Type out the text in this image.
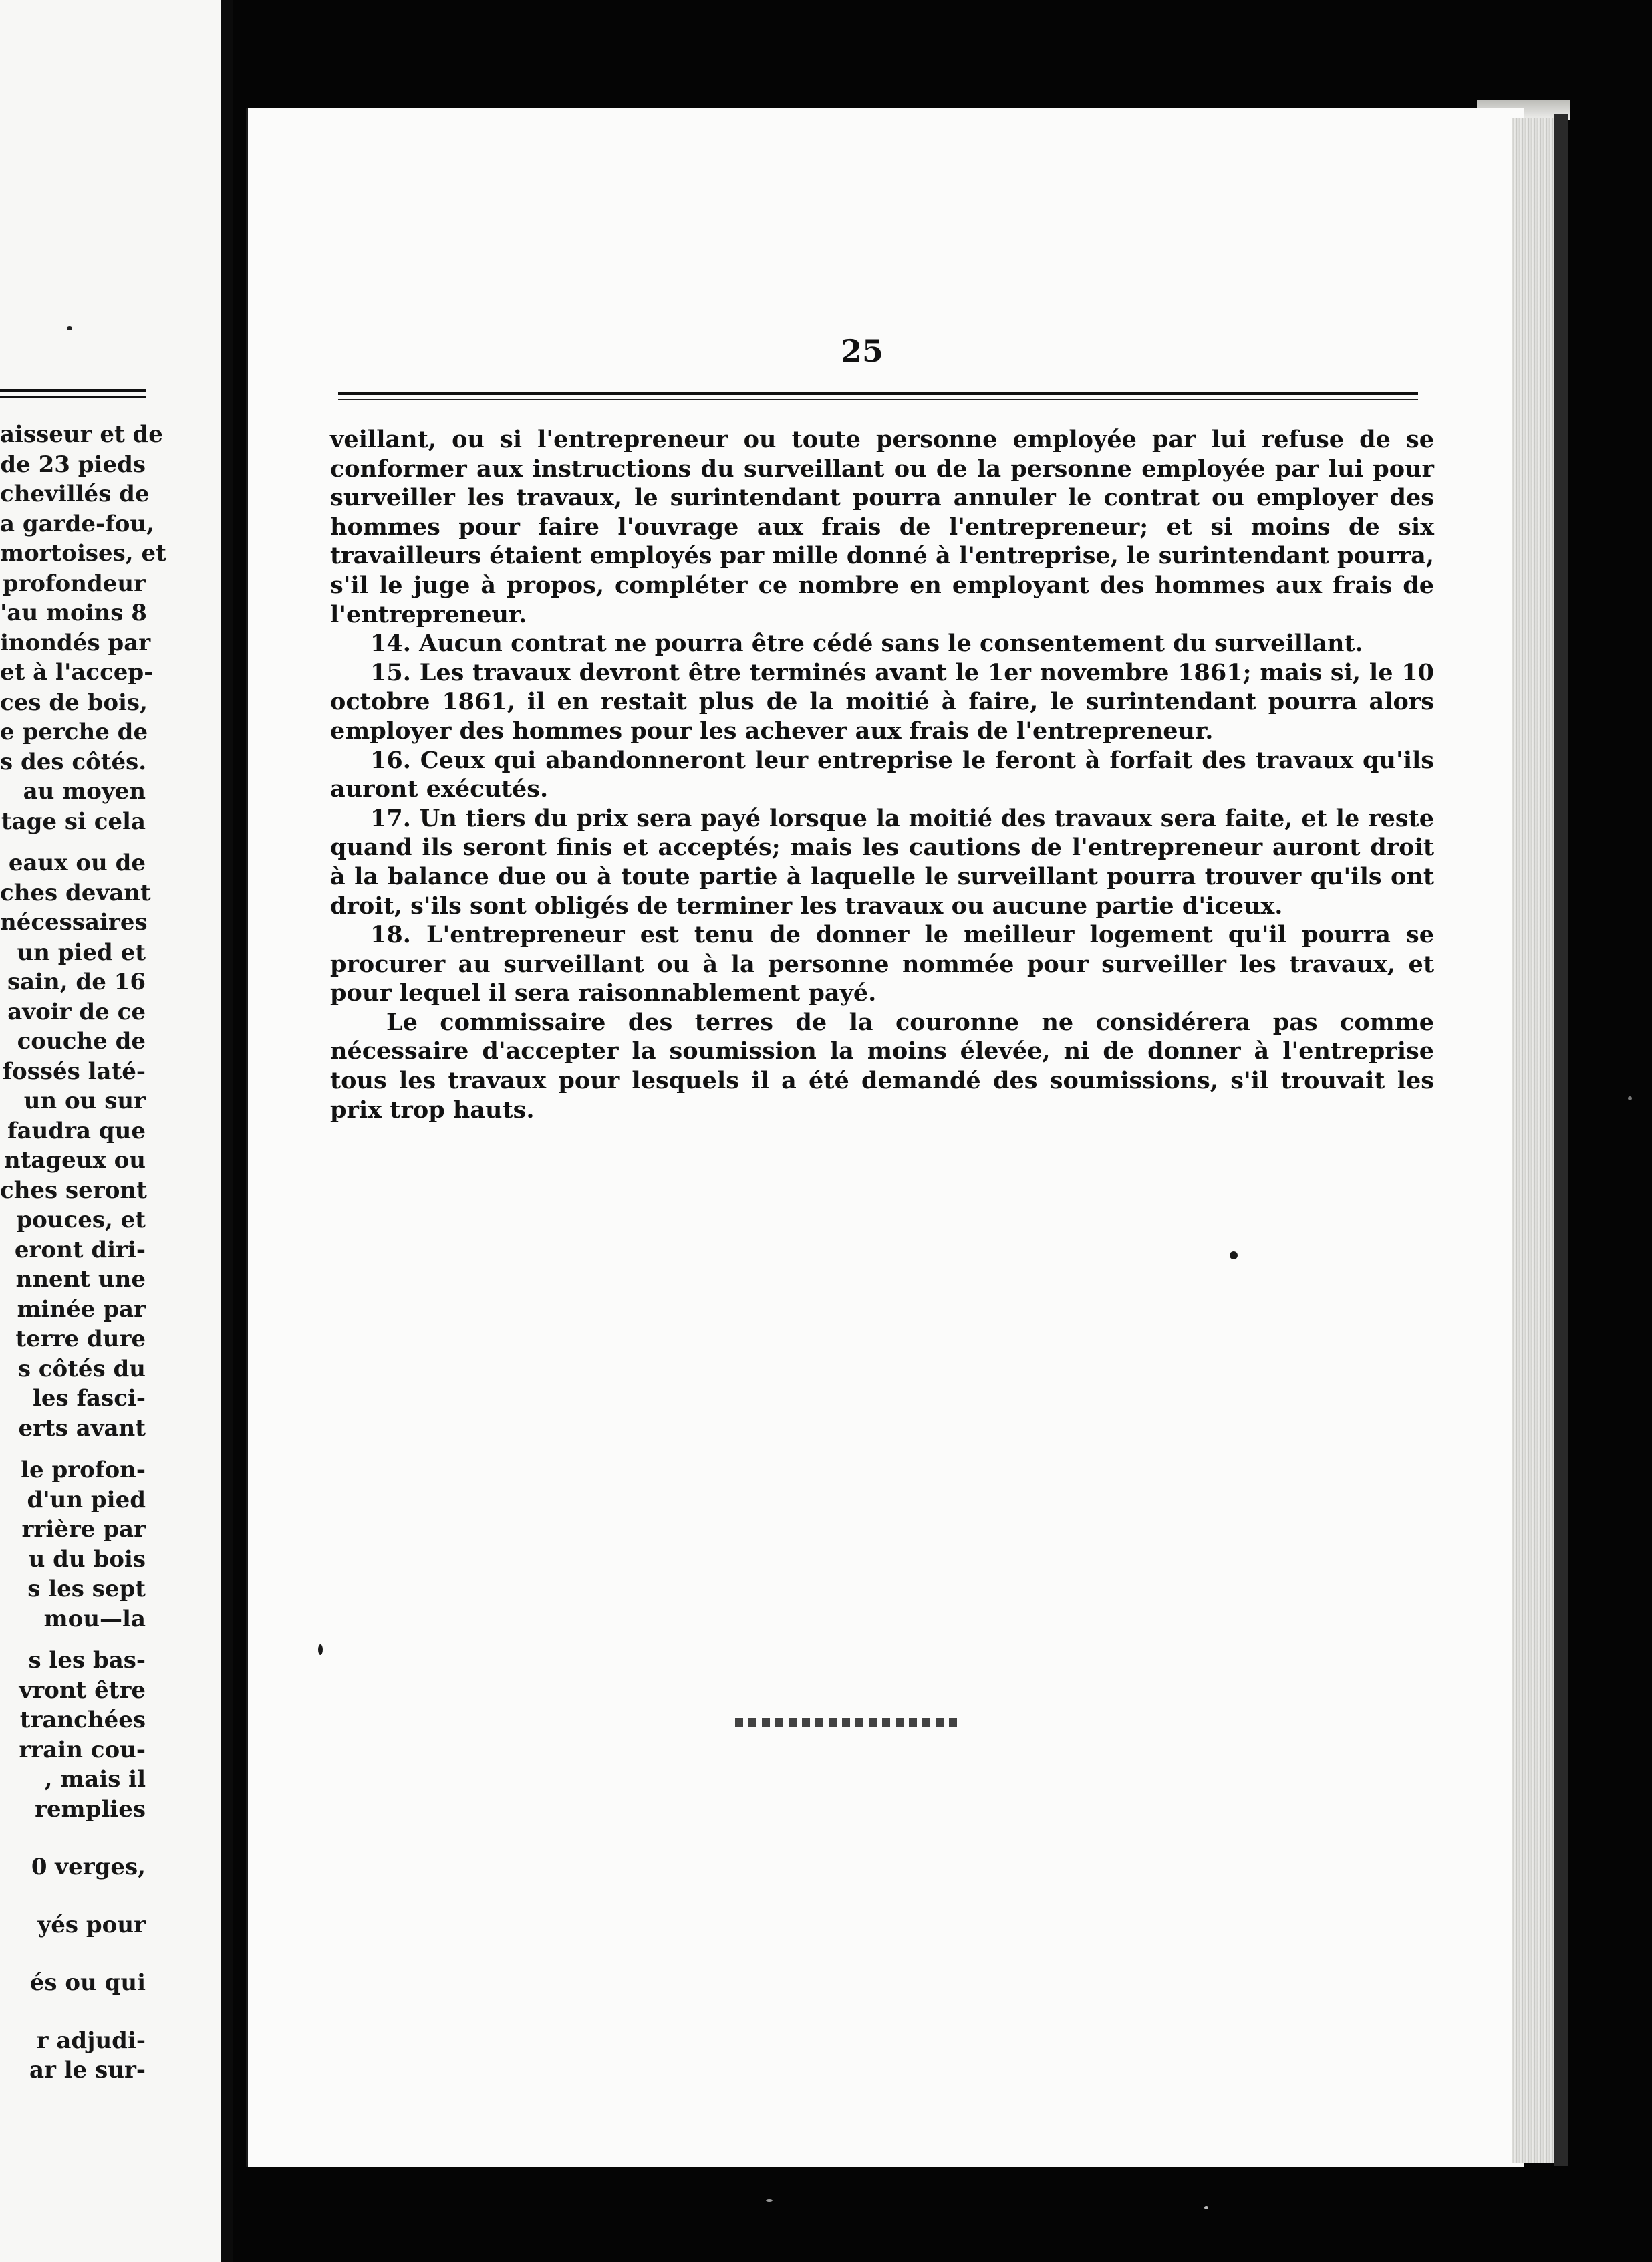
aisseur et de
de 23 pieds
chevillés de
a garde-fou,
mortoises, et
profondeur
'au moins 8
inondés par
et à l'accep-
ces de bois,
e perche de
s des côtés.
au moyen
tage si cela
eaux ou de
ches devant
nécessaires
un pied et
sain, de 16
avoir de ce
couche de
fossés laté-
un ou sur
faudra que
ntageux ou
ches seront
pouces, et
eront diri-
nnent une
minée par
terre dure
s côtés du
les fasci-
erts avant
le profon-
d'un pied
rrière par
u du bois
s les sept
mou—la
s les bas-
vront être
tranchées
rrain cou-
, mais il
remplies
0 verges,
yés pour
és ou qui
r adjudi-
ar le sur-
25

veillant, ou si l'entrepreneur ou toute personne employée par lui refuse de se conformer aux instructions du surveillant ou de la personne employée par lui pour surveiller les travaux, le surintendant pourra annuler le contrat ou employer des hommes pour faire l'ouvrage aux frais de l'entrepreneur; et si moins de six travailleurs étaient employés par mille donné à l'entreprise, le surintendant pourra, s'il le juge à propos, compléter ce nombre en employant des hommes aux frais de l'entrepreneur.

14. Aucun contrat ne pourra être cédé sans le consentement du surveillant.

15. Les travaux devront être terminés avant le 1er novembre 1861; mais si, le 10 octobre 1861, il en restait plus de la moitié à faire, le surintendant pourra alors employer des hommes pour les achever aux frais de l'entrepreneur.

16. Ceux qui abandonneront leur entreprise le feront à forfait des travaux qu'ils auront exécutés.

17. Un tiers du prix sera payé lorsque la moitié des travaux sera faite, et le reste quand ils seront finis et acceptés; mais les cautions de l'entrepreneur auront droit à la balance due ou à toute partie à laquelle le surveillant pourra trouver qu'ils ont droit, s'ils sont obligés de terminer les travaux ou aucune partie d'iceux.

18. L'entrepreneur est tenu de donner le meilleur logement qu'il pourra se procurer au surveillant ou à la personne nommée pour surveiller les travaux, et pour lequel il sera raisonnablement payé.

Le commissaire des terres de la couronne ne considérera pas comme nécessaire d'accepter la soumission la moins élevée, ni de donner à l'entreprise tous les travaux pour lesquels il a été demandé des soumissions, s'il trouvait les prix trop hauts.
